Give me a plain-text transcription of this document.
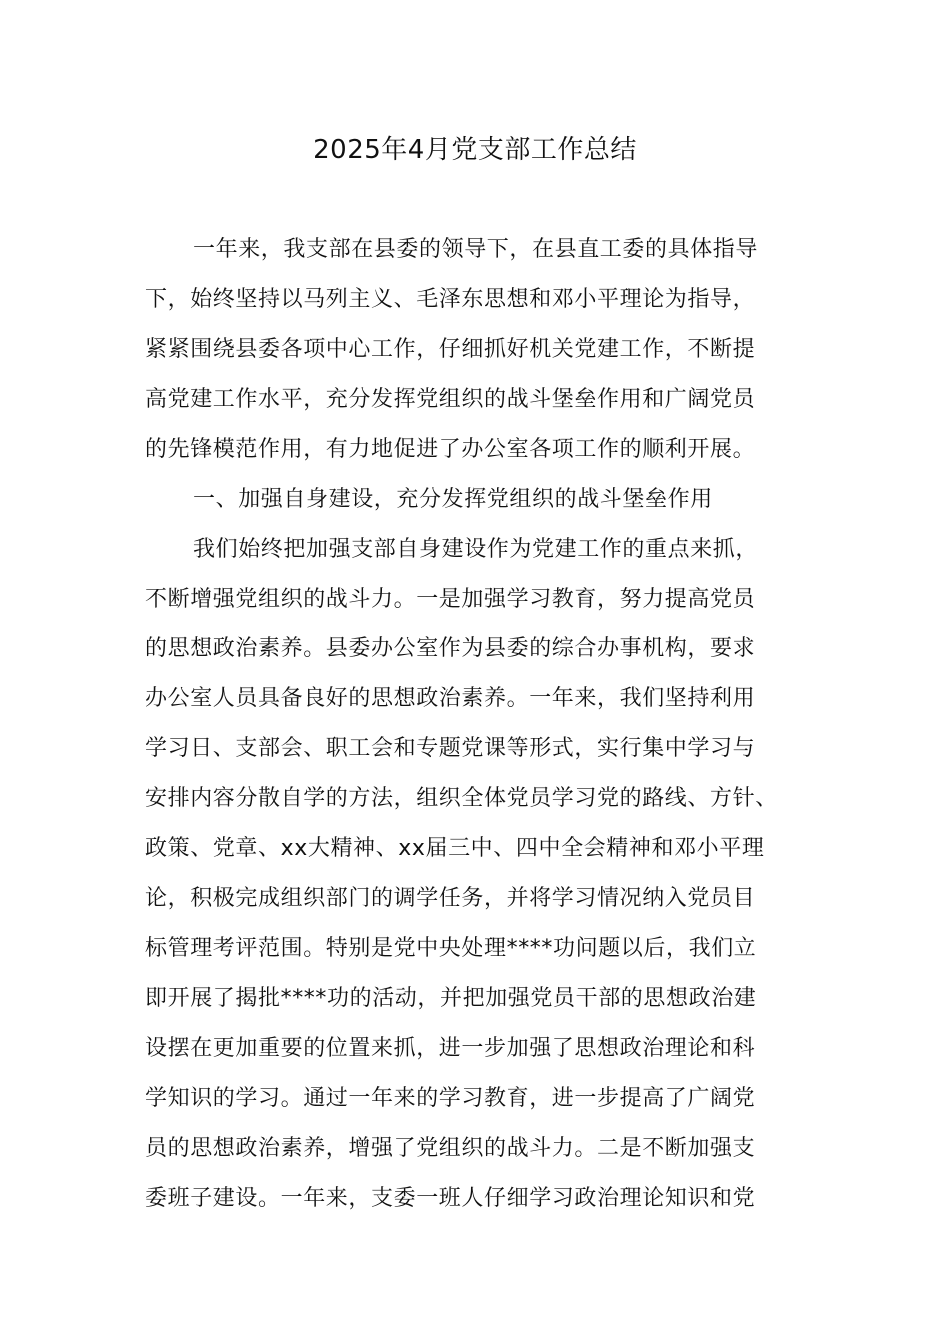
2025年4月党支部工作总结
一年来，我支部在县委的领导下，在县直工委的具体指导
下，始终坚持以马列主义、毛泽东思想和邓小平理论为指导，
紧紧围绕县委各项中心工作，仔细抓好机关党建工作，不断提
高党建工作水平，充分发挥党组织的战斗堡垒作用和广阔党员
的先锋模范作用，有力地促进了办公室各项工作的顺利开展。
一、加强自身建设，充分发挥党组织的战斗堡垒作用
我们始终把加强支部自身建设作为党建工作的重点来抓，
不断增强党组织的战斗力。一是加强学习教育，努力提高党员
的思想政治素养。县委办公室作为县委的综合办事机构，要求
办公室人员具备良好的思想政治素养。一年来，我们坚持利用
学习日、支部会、职工会和专题党课等形式，实行集中学习与
安排内容分散自学的方法，组织全体党员学习党的路线、方针、
政策、党章、xx大精神、xx届三中、四中全会精神和邓小平理
论，积极完成组织部门的调学任务，并将学习情况纳入党员目
标管理考评范围。特别是党中央处理****功问题以后，我们立
即开展了揭批****功的活动，并把加强党员干部的思想政治建
设摆在更加重要的位置来抓，进一步加强了思想政治理论和科
学知识的学习。通过一年来的学习教育，进一步提高了广阔党
员的思想政治素养，增强了党组织的战斗力。二是不断加强支
委班子建设。一年来，支委一班人仔细学习政治理论知识和党
